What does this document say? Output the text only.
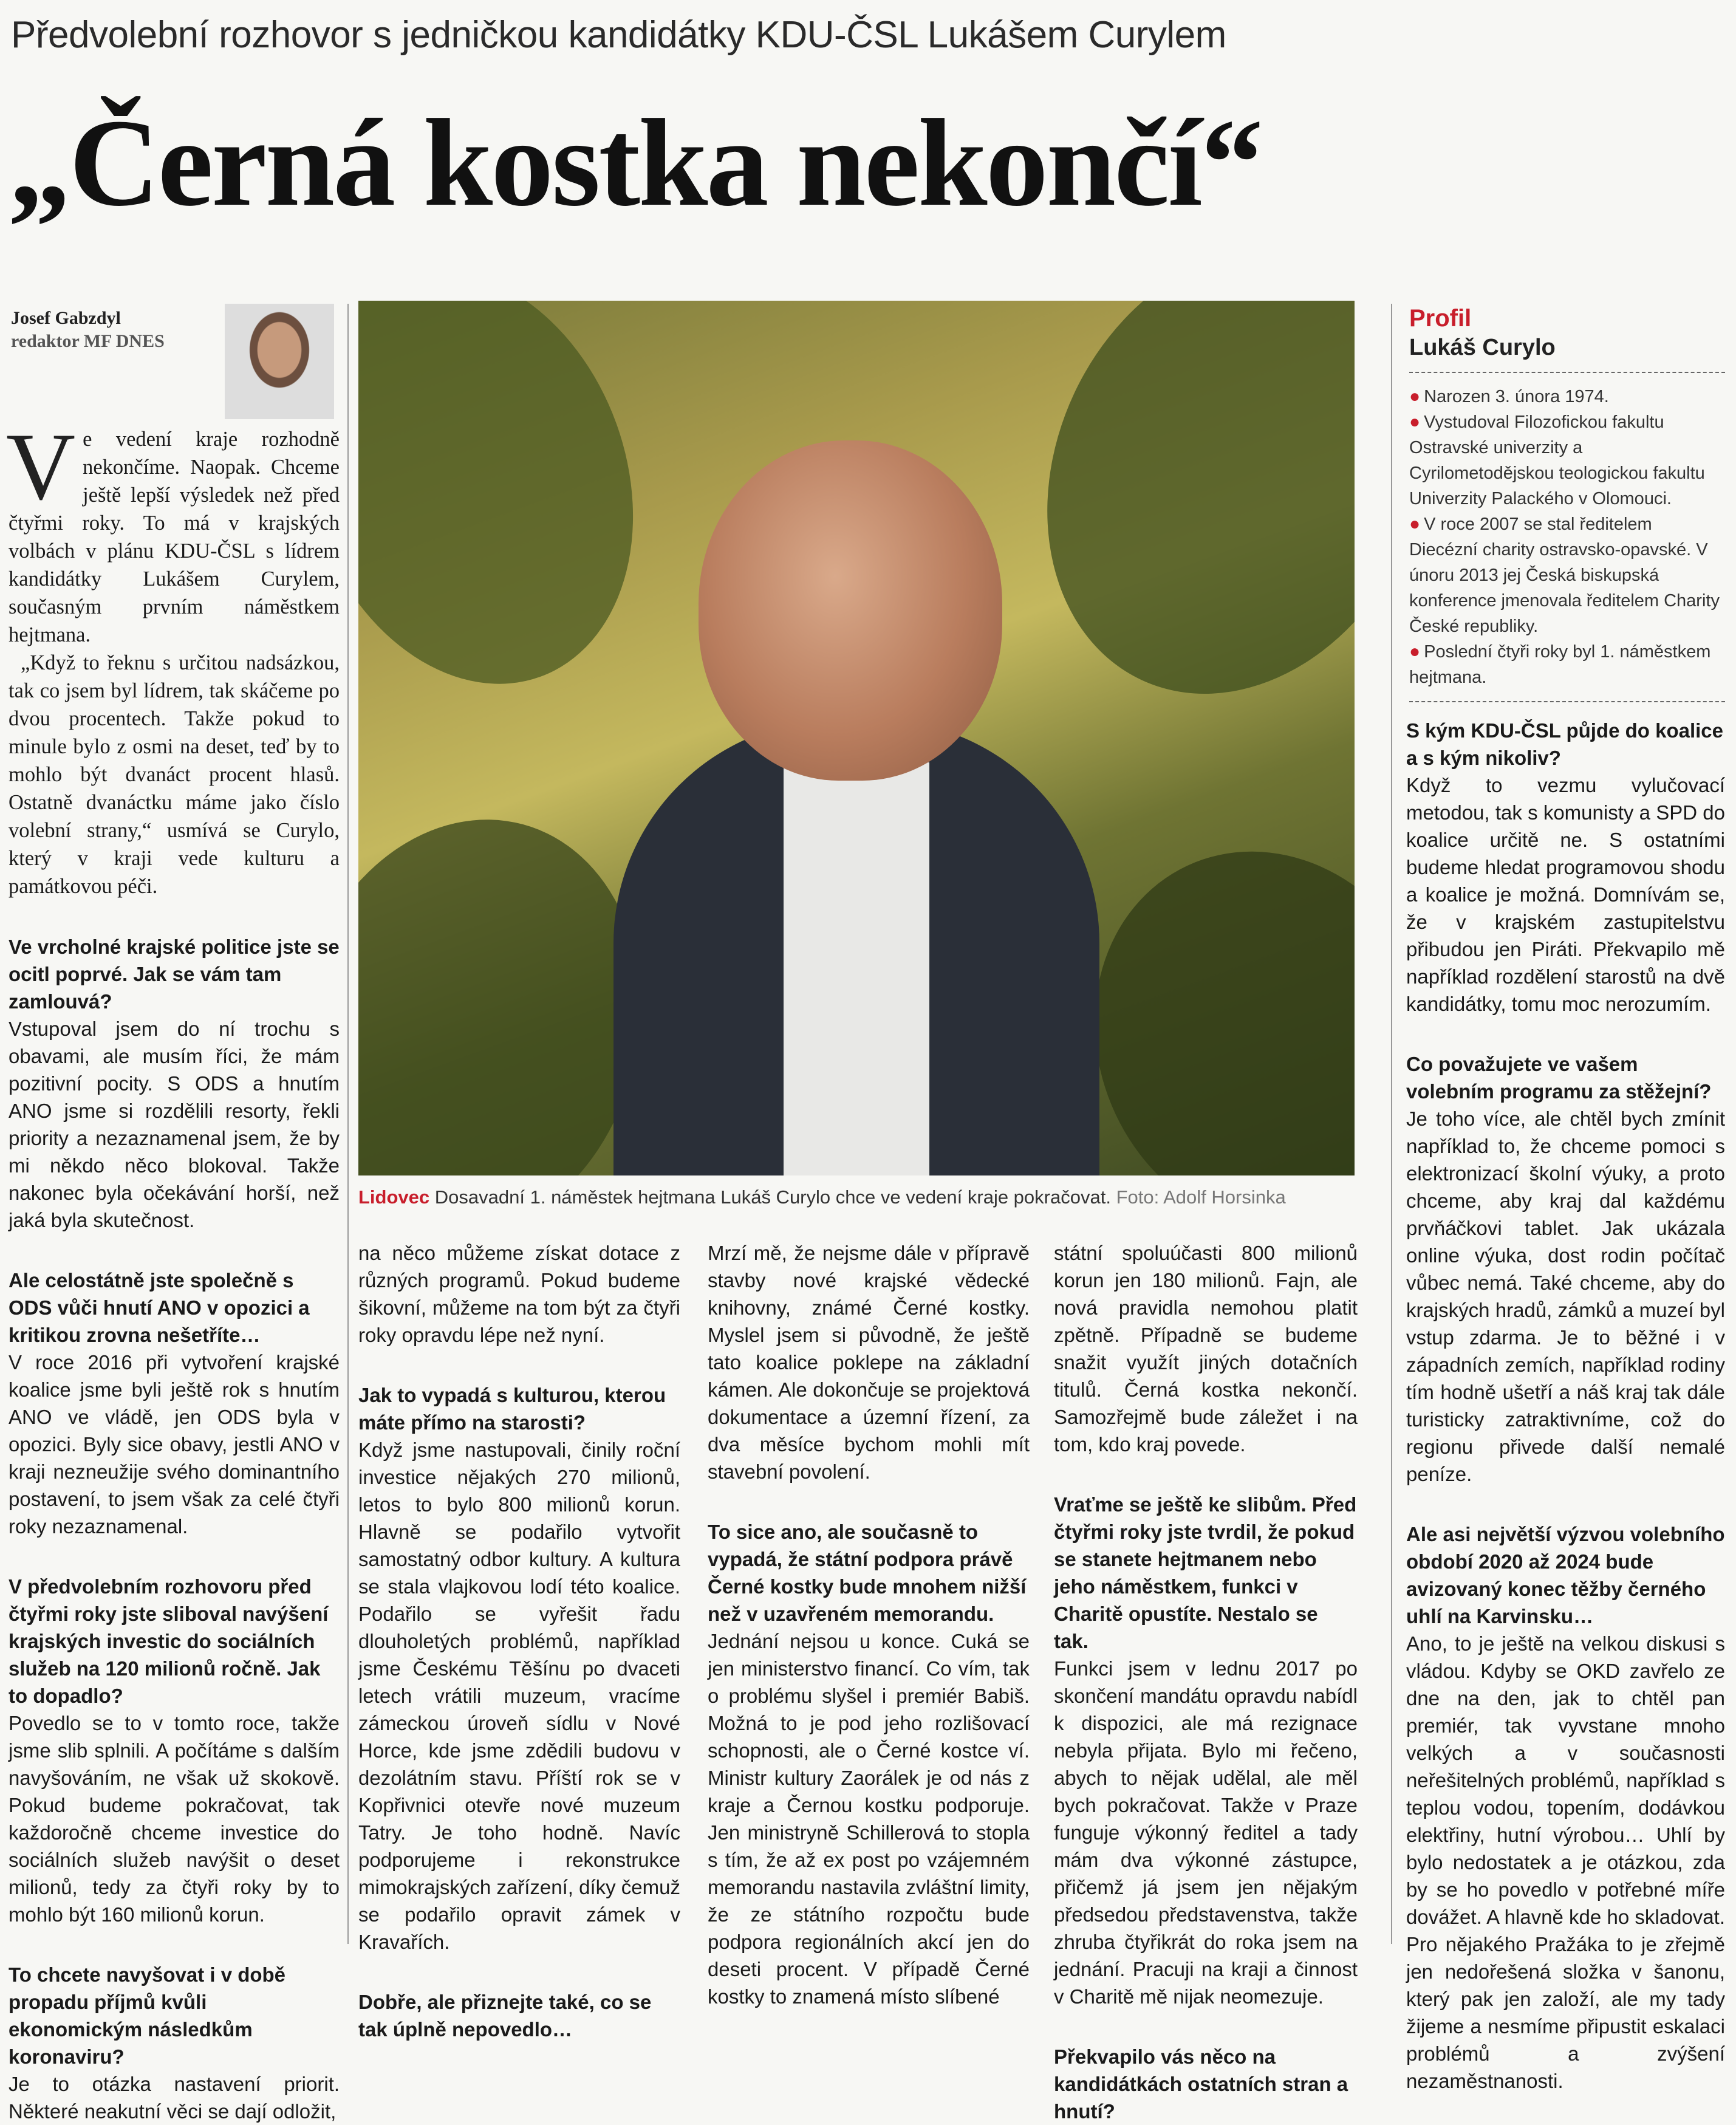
Předvolební rozhovor s jedničkou kandidátky KDU-ČSL Lukášem Curylem
„Černá kostka nekončí“
Josef Gabzdyl
redaktor MF DNES

V e vedení kraje rozhodně nekončíme. Naopak. Chceme ještě lepší výsledek než před čtyřmi roky. To má v krajských volbách v plánu KDU-ČSL s lídrem kandidátky Lukášem Curylem, současným prvním náměstkem hejtmana.

„Když to řeknu s určitou nadsázkou, tak co jsem byl lídrem, tak skáčeme po dvou procentech. Takže pokud to minule bylo z osmi na deset, teď by to mohlo být dvanáct procent hlasů. Ostatně dvanáctku máme jako číslo volební strany,“ usmívá se Curylo, který v kraji vede kulturu a památkovou péči.

Ve vrcholné krajské politice jste se ocitl poprvé. Jak se vám tam zamlouvá?
Vstupoval jsem do ní trochu s obavami, ale musím říci, že mám pozitivní pocity. S ODS a hnutím ANO jsme si rozdělili resorty, řekli priority a nezaznamenal jsem, že by mi někdo něco blokoval. Takže nakonec byla očekávání horší, než jaká byla skutečnost.
Ale celostátně jste společně s ODS vůči hnutí ANO v opozici a kritikou zrovna nešetříte…
V roce 2016 při vytvoření krajské koalice jsme byli ještě rok s hnutím ANO ve vládě, jen ODS byla v opozici. Byly sice obavy, jestli ANO v kraji nezneužije svého dominantního postavení, to jsem však za celé čtyři roky nezaznamenal.
V předvolebním rozhovoru před čtyřmi roky jste sliboval navýšení krajských investic do sociálních služeb na 120 milionů ročně. Jak to dopadlo?
Povedlo se to v tomto roce, takže jsme slib splnili. A počítáme s dalším navyšováním, ne však už skokově. Pokud budeme pokračovat, tak každoročně chceme investice do sociálních služeb navýšit o deset milionů, tedy za čtyři roky by to mohlo být 160 milionů korun.
To chcete navyšovat i v době propadu příjmů kvůli ekonomickým následkům koronaviru?
Je to otázka nastavení priorit. Některé neakutní věci se dají odložit,
Lidovec Dosavadní 1. náměstek hejtmana Lukáš Curylo chce ve vedení kraje pokračovat. Foto: Adolf Horsinka
na něco můžeme získat dotace z různých programů. Pokud budeme šikovní, můžeme na tom být za čtyři roky opravdu lépe než nyní.
Jak to vypadá s kulturou, kterou máte přímo na starosti?
Když jsme nastupovali, činily roční investice nějakých 270 milionů, letos to bylo 800 milionů korun. Hlavně se podařilo vytvořit samostatný odbor kultury. A kultura se stala vlajkovou lodí této koalice. Podařilo se vyřešit řadu dlouholetých problémů, například jsme Českému Těšínu po dvaceti letech vrátili muzeum, vracíme zámeckou úroveň sídlu v Nové Horce, kde jsme zdědili budovu v dezolátním stavu. Příští rok se v Kopřivnici otevře nové muzeum Tatry. Je toho hodně. Navíc podporujeme i rekonstrukce mimokrajských zařízení, díky čemuž se podařilo opravit zámek v Kravařích.
Dobře, ale přiznejte také, co se tak úplně nepovedlo…
Mrzí mě, že nejsme dále v přípravě stavby nové krajské vědecké knihovny, známé Černé kostky. Myslel jsem si původně, že ještě tato koalice poklepe na základní kámen. Ale dokončuje se projektová dokumentace a územní řízení, za dva měsíce bychom mohli mít stavební povolení.
To sice ano, ale současně to vypadá, že státní podpora právě Černé kostky bude mnohem nižší než v uzavřeném memorandu.
Jednání nejsou u konce. Cuká se jen ministerstvo financí. Co vím, tak o problému slyšel i premiér Babiš. Možná to je pod jeho rozlišovací schopnosti, ale o Černé kostce ví. Ministr kultury Zaorálek je od nás z kraje a Černou kostku podporuje. Jen ministryně Schillerová to stopla s tím, že až ex post po vzájemném memorandu nastavila zvláštní limity, že ze státního rozpočtu bude podpora regionálních akcí jen do deseti procent. V případě Černé kostky to znamená místo slíbené
státní spoluúčasti 800 milionů korun jen 180 milionů. Fajn, ale nová pravidla nemohou platit zpětně. Případně se budeme snažit využít jiných dotačních titulů. Černá kostka nekončí. Samozřejmě bude záležet i na tom, kdo kraj povede.
Vraťme se ještě ke slibům. Před čtyřmi roky jste tvrdil, že pokud se stanete hejtmanem nebo jeho náměstkem, funkci v Charitě opustíte. Nestalo se tak.
Funkci jsem v lednu 2017 po skončení mandátu opravdu nabídl k dispozici, ale má rezignace nebyla přijata. Bylo mi řečeno, abych to nějak udělal, ale měl bych pokračovat. Takže v Praze funguje výkonný ředitel a tady mám dva výkonné zástupce, přičemž já jsem jen nějakým předsedou představenstva, takže zhruba čtyřikrát do roka jsem na jednání. Pracuji na kraji a činnost v Charitě mě nijak neomezuje.
Překvapilo vás něco na kandidátkách ostatních stran a hnutí?
Profil
Lukáš Curylo
● Narozen 3. února 1974.
● Vystudoval Filozofickou fakultu Ostravské univerzity a Cyrilometodějskou teologickou fakultu Univerzity Palackého v Olomouci.
● V roce 2007 se stal ředitelem Diecézní charity ostravsko-opavské. V únoru 2013 jej Česká biskupská konference jmenovala ředitelem Charity České republiky.
● Poslední čtyři roky byl 1. náměstkem hejtmana.
S kým KDU-ČSL půjde do koalice a s kým nikoliv?
Když to vezmu vylučovací metodou, tak s komunisty a SPD do koalice určitě ne. S ostatními budeme hledat programovou shodu a koalice je možná. Domnívám se, že v krajském zastupitelstvu přibudou jen Piráti. Překvapilo mě například rozdělení starostů na dvě kandidátky, tomu moc nerozumím.
Co považujete ve vašem volebním programu za stěžejní?
Je toho více, ale chtěl bych zmínit například to, že chceme pomoci s elektronizací školní výuky, a proto chceme, aby kraj dal každému prvňáčkovi tablet. Jak ukázala online výuka, dost rodin počítač vůbec nemá. Také chceme, aby do krajských hradů, zámků a muzeí byl vstup zdarma. Je to běžné i v západních zemích, například rodiny tím hodně ušetří a náš kraj tak dále turisticky zatraktivníme, což do regionu přivede další nemalé peníze.
Ale asi největší výzvou volebního období 2020 až 2024 bude avizovaný konec těžby černého uhlí na Karvinsku…
Ano, to je ještě na velkou diskusi s vládou. Kdyby se OKD zavřelo ze dne na den, jak to chtěl pan premiér, tak vyvstane mnoho velkých a v současnosti neřešitelných problémů, například s teplou vodou, topením, dodávkou elektřiny, hutní výrobou… Uhlí by bylo nedostatek a je otázkou, zda by se ho povedlo v potřebné míře dovážet. A hlavně kde ho skladovat. Pro nějakého Pražáka to je zřejmě jen nedořešená složka v šanonu, který pak jen založí, ale my tady žijeme a nesmíme připustit eskalaci problémů a zvýšení nezaměstnanosti.
